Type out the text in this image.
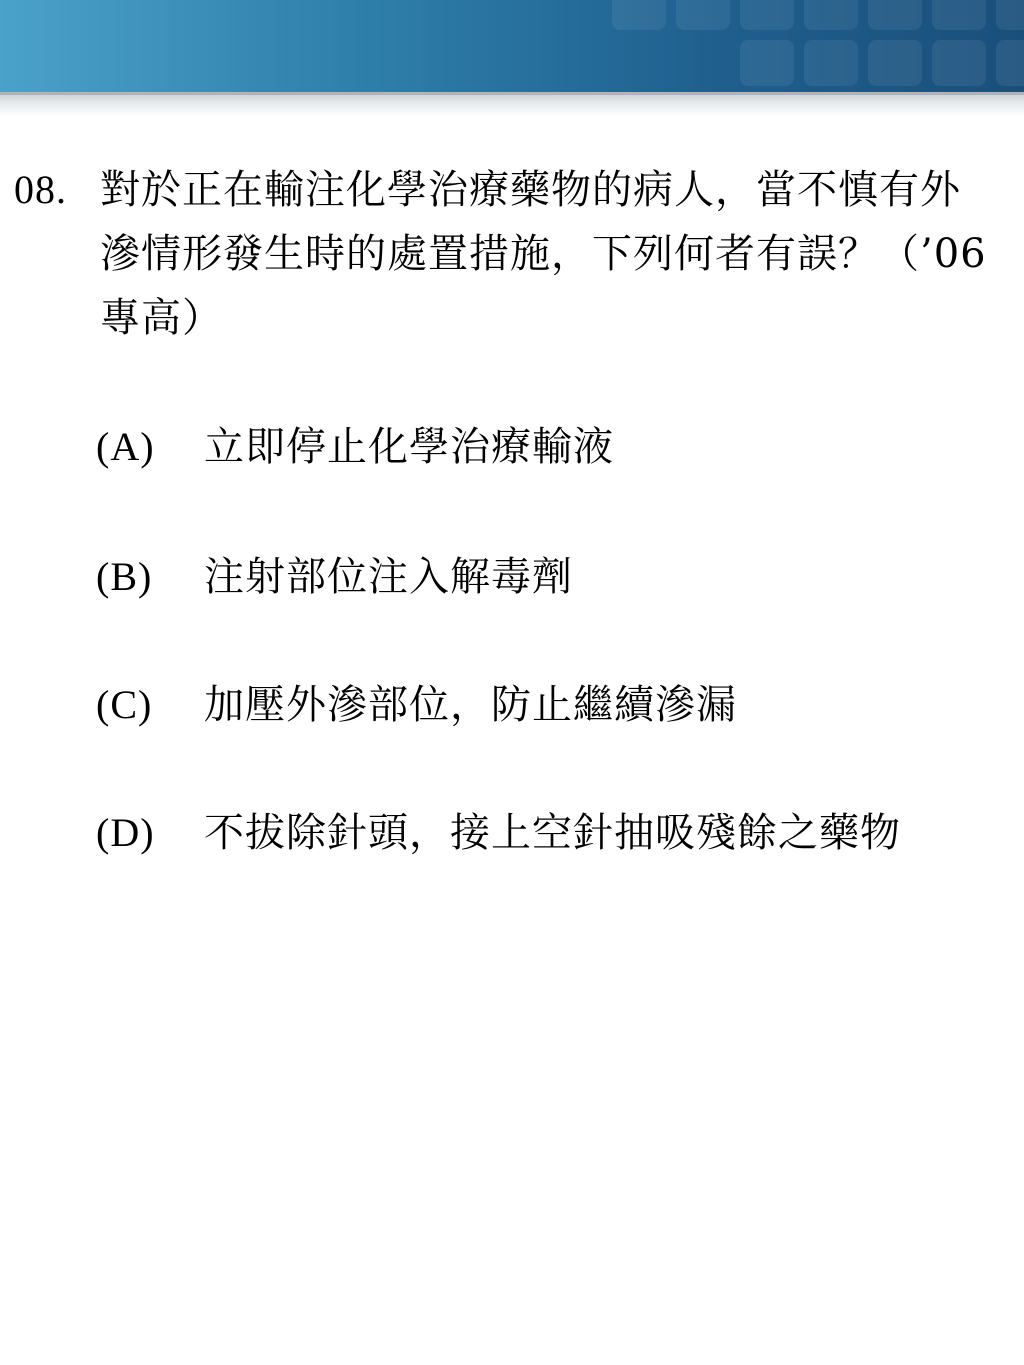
08. 對於正在輸注化學治療藥物的病人，當不慎有外滲情形發生時的處置措施，下列何者有誤？（’06專高）
(A)	立即停止化學治療輸液
(B)	注射部位注入解毒劑
(C)	加壓外滲部位，防止繼續滲漏
(D)	不拔除針頭，接上空針抽吸殘餘之藥物
